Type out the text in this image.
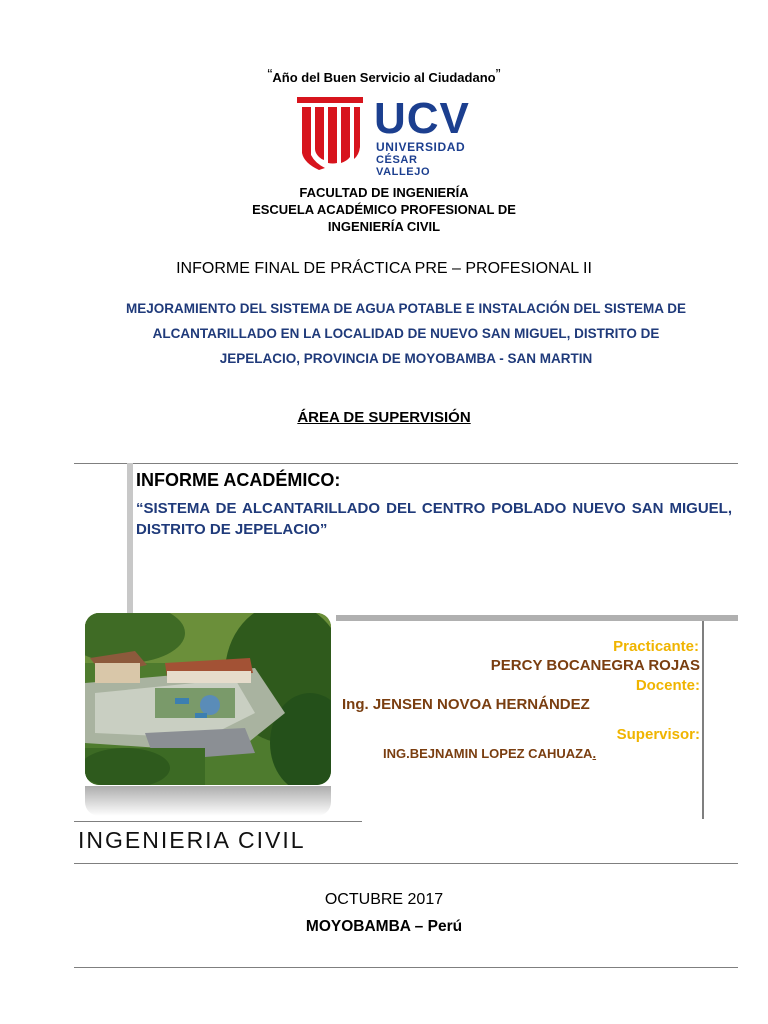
“Año del Buen Servicio al Ciudadano”
UCV
UNIVERSIDAD
CÉSAR VALLEJO
FACULTAD DE INGENIERÍA
ESCUELA ACADÉMICO PROFESIONAL DE
INGENIERÍA CIVIL
INFORME FINAL DE PRÁCTICA PRE – PROFESIONAL II
MEJORAMIENTO DEL SISTEMA DE AGUA POTABLE E INSTALACIÓN DEL SISTEMA DE
ALCANTARILLADO EN LA LOCALIDAD DE NUEVO SAN MIGUEL, DISTRITO DE
JEPELACIO, PROVINCIA DE MOYOBAMBA - SAN MARTIN
ÁREA DE SUPERVISIÓN
INFORME ACADÉMICO:
“SISTEMA DE ALCANTARILLADO DEL CENTRO POBLADO NUEVO SAN MIGUEL, DISTRITO DE JEPELACIO”
Practicante:
PERCY BOCANEGRA ROJAS
Docente:
Ing. JENSEN NOVOA HERNÁNDEZ
Supervisor:
ING.BEJNAMIN LOPEZ CAHUAZA.
INGENIERIA CIVIL
OCTUBRE 2017
MOYOBAMBA – Perú
